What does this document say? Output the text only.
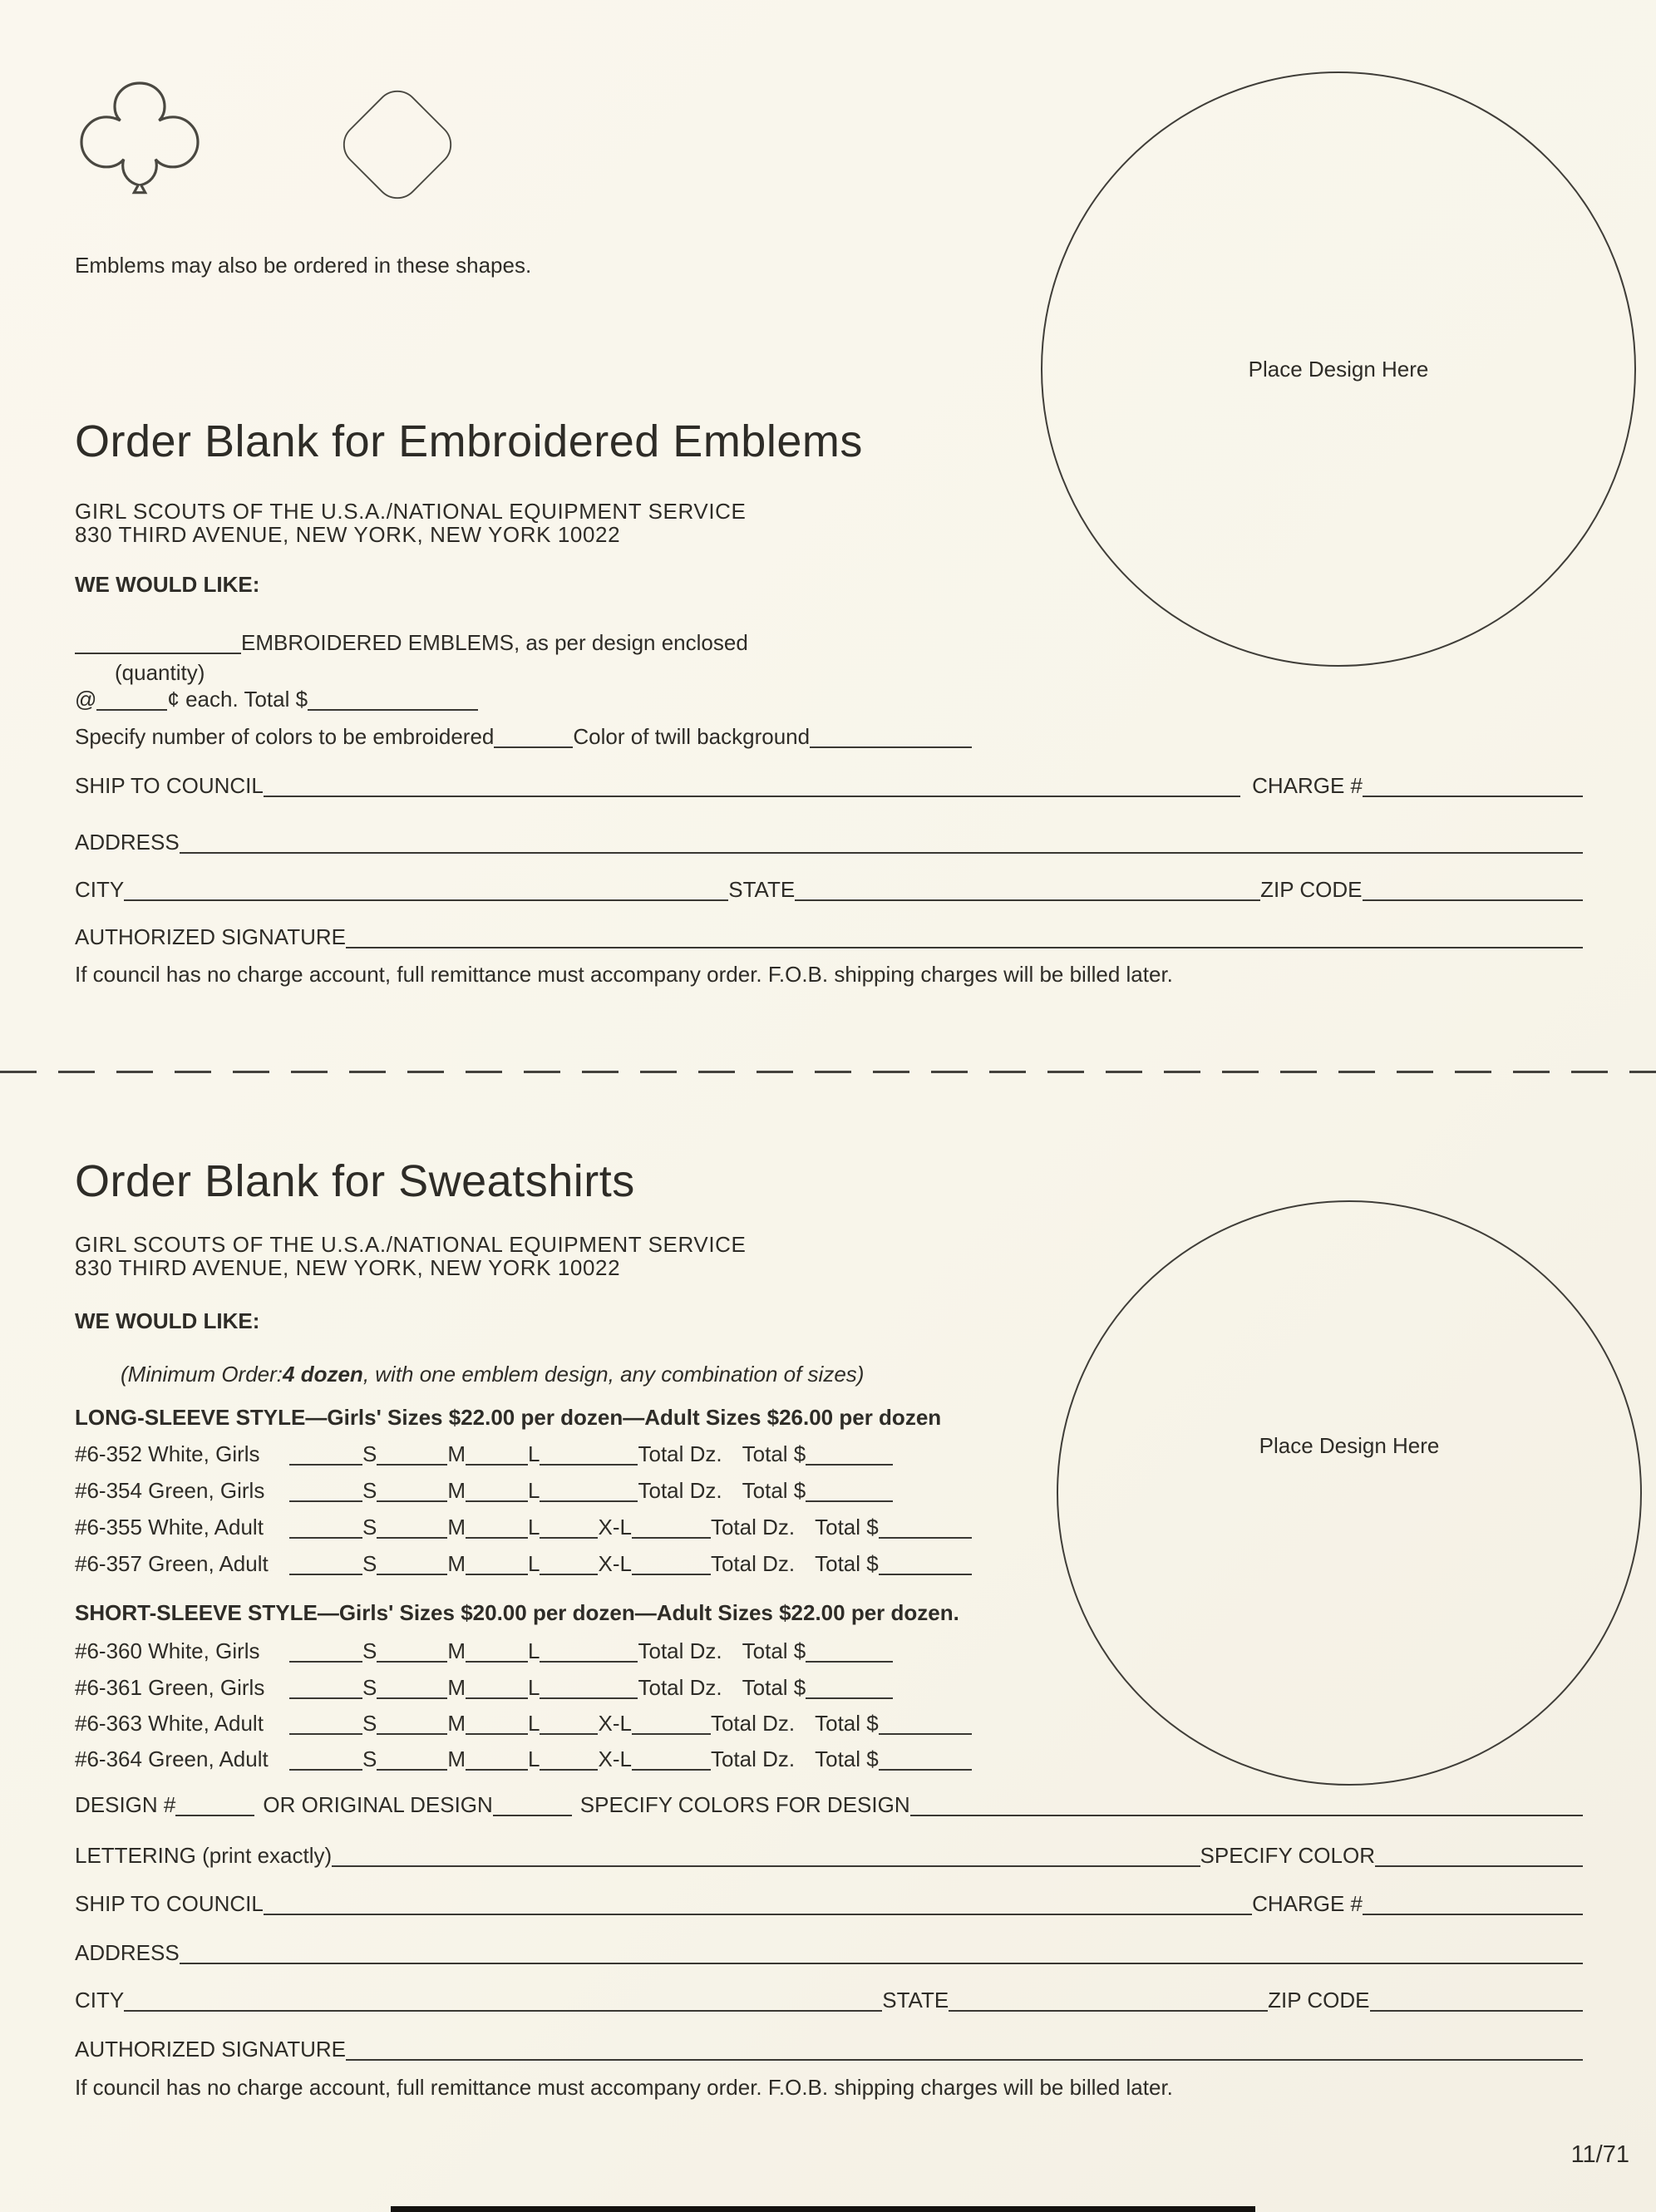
Emblems may also be ordered in these shapes.
Place Design Here
Order Blank for Embroidered Emblems
GIRL SCOUTS OF THE U.S.A./NATIONAL EQUIPMENT SERVICE
830 THIRD AVENUE, NEW YORK, NEW YORK 10022
WE WOULD LIKE:
EMBROIDERED EMBLEMS, as per design enclosed
(quantity)
@	¢ each. Total $
Specify number of colors to be embroidered	Color of twill background
SHIP TO COUNCIL	CHARGE #
ADDRESS
CITY	STATE	ZIP CODE
AUTHORIZED SIGNATURE
If council has no charge account, full remittance must accompany order. F.O.B. shipping charges will be billed later.
Order Blank for Sweatshirts
GIRL SCOUTS OF THE U.S.A./NATIONAL EQUIPMENT SERVICE
830 THIRD AVENUE, NEW YORK, NEW YORK 10022
WE WOULD LIKE:
(Minimum Order: 4 dozen , with one emblem design, any combination of sizes)
Place Design Here
LONG-SLEEVE STYLE—Girls' Sizes $22.00 per dozen—Adult Sizes $26.00 per dozen
#6-352 White, Girls	S	M	L	Total Dz. Total $
#6-354 Green, Girls	S	M	L	Total Dz. Total $
#6-355 White, Adult	S	M	L	X-L	Total Dz. Total $
#6-357 Green, Adult	S	M	L	X-L	Total Dz. Total $
SHORT-SLEEVE STYLE—Girls' Sizes $20.00 per dozen—Adult Sizes $22.00 per dozen.
#6-360 White, Girls	S	M	L	Total Dz. Total $
#6-361 Green, Girls	S	M	L	Total Dz. Total $
#6-363 White, Adult	S	M	L	X-L	Total Dz. Total $
#6-364 Green, Adult	S	M	L	X-L	Total Dz. Total $
DESIGN #	OR ORIGINAL DESIGN	SPECIFY COLORS FOR DESIGN
LETTERING (print exactly)	SPECIFY COLOR
SHIP TO COUNCIL	CHARGE #
ADDRESS
CITY	STATE	ZIP CODE
AUTHORIZED SIGNATURE
If council has no charge account, full remittance must accompany order. F.O.B. shipping charges will be billed later.
11/71
